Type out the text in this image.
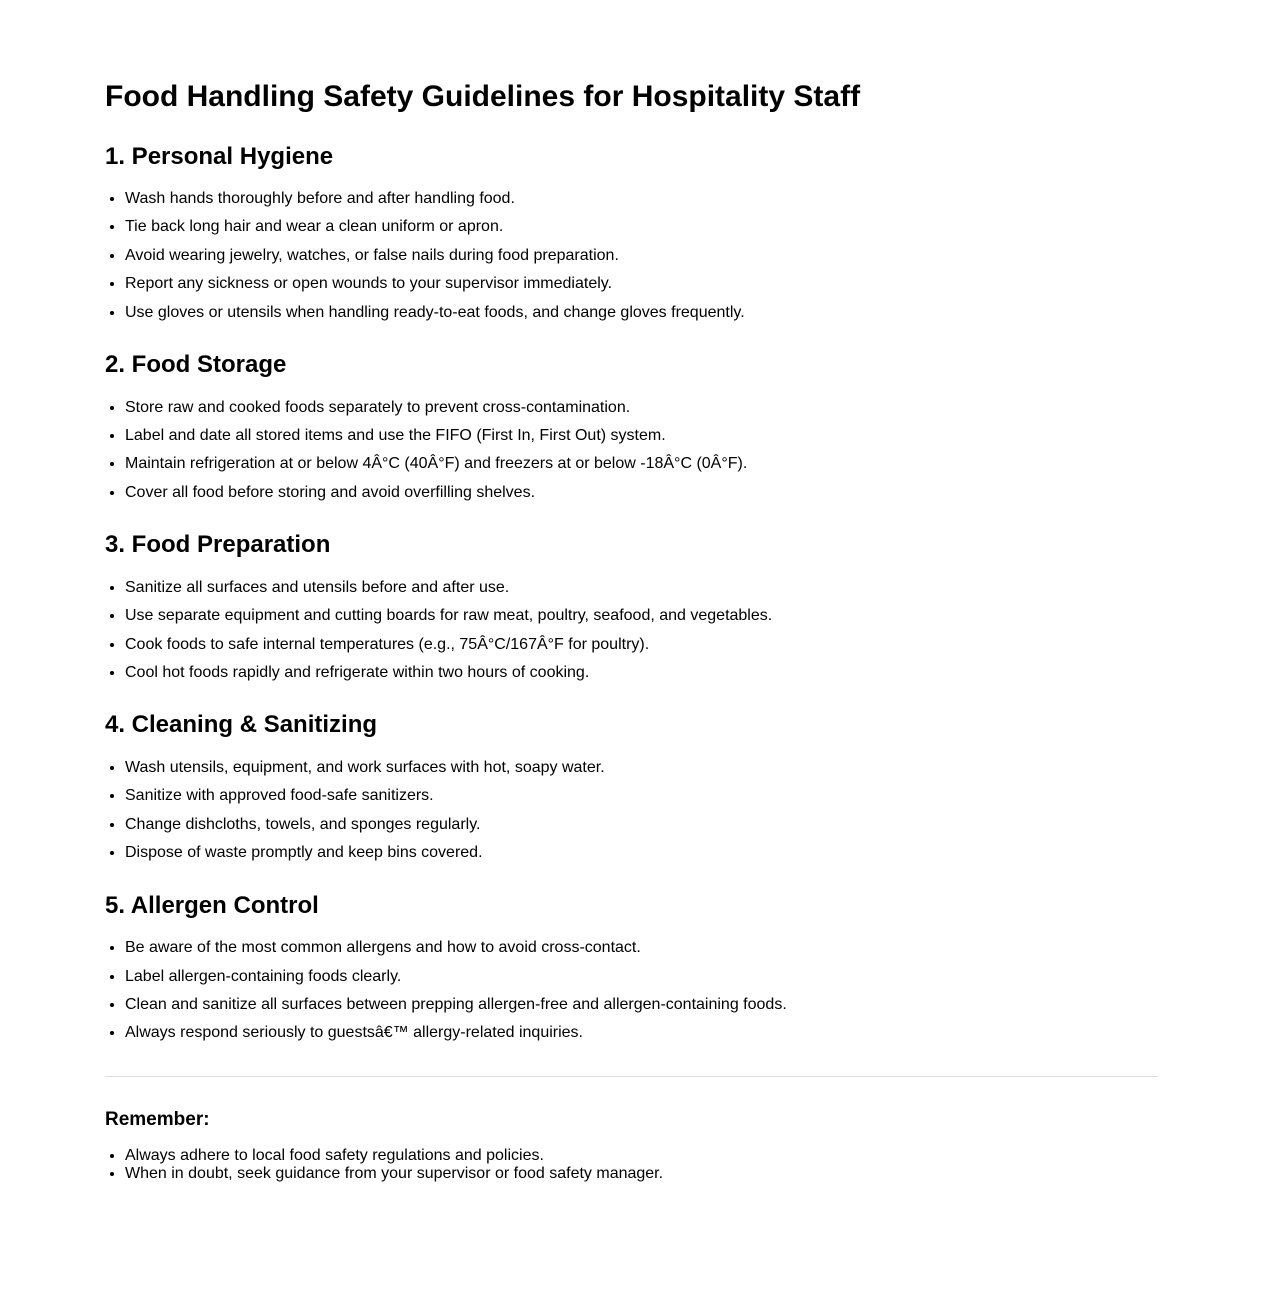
Food Handling Safety Guidelines for Hospitality Staff
1. Personal Hygiene
• Wash hands thoroughly before and after handling food.
• Tie back long hair and wear a clean uniform or apron.
• Avoid wearing jewelry, watches, or false nails during food preparation.
• Report any sickness or open wounds to your supervisor immediately.
• Use gloves or utensils when handling ready-to-eat foods, and change gloves frequently.
2. Food Storage
• Store raw and cooked foods separately to prevent cross-contamination.
• Label and date all stored items and use the FIFO (First In, First Out) system.
• Maintain refrigeration at or below 4Â°C (40Â°F) and freezers at or below -18Â°C (0Â°F).
• Cover all food before storing and avoid overfilling shelves.
3. Food Preparation
• Sanitize all surfaces and utensils before and after use.
• Use separate equipment and cutting boards for raw meat, poultry, seafood, and vegetables.
• Cook foods to safe internal temperatures (e.g., 75Â°C/167Â°F for poultry).
• Cool hot foods rapidly and refrigerate within two hours of cooking.
4. Cleaning & Sanitizing
• Wash utensils, equipment, and work surfaces with hot, soapy water.
• Sanitize with approved food-safe sanitizers.
• Change dishcloths, towels, and sponges regularly.
• Dispose of waste promptly and keep bins covered.
5. Allergen Control
• Be aware of the most common allergens and how to avoid cross-contact.
• Label allergen-containing foods clearly.
• Clean and sanitize all surfaces between prepping allergen-free and allergen-containing foods.
• Always respond seriously to guestsâ€™ allergy-related inquiries.
Remember:
• Always adhere to local food safety regulations and policies.
• When in doubt, seek guidance from your supervisor or food safety manager.
